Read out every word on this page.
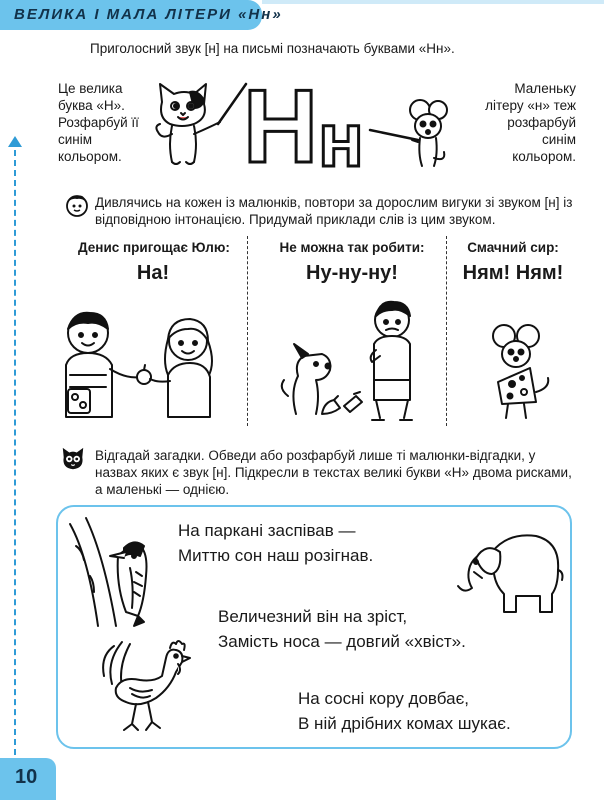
ВЕЛИКА І МАЛА ЛІТЕРИ «Нн»
Приголосний звук [н] на письмі позначають буквами «Нн».
Це велика буква «Н». Розфарбуй її синім кольором.
Маленьку літеру «н» теж розфарбуй синім кольором.
Н н
Дивлячись на кожен із малюнків, повтори за дорослим вигуки зі звуком [н] із відповідною інтонацією. Придумай приклади слів із цим звуком.
Денис пригощає Юлю:
На!
Не можна так робити:
Ну-ну-ну!
Смачний сир:
Ням! Ням!
Відгадай загадки. Обведи або розфарбуй лише ті малюнки-відгадки, у назвах яких є звук [н]. Підкресли в текстах великі букви «Н» двома рисками, а маленькі — однією.
На паркані заспівав —
Миттю сон наш розігнав.
Величезний він на зріст,
Замість носа — довгий «хвіст».
На сосні кору довбає,
В ній дрібних комах шукає.
10
